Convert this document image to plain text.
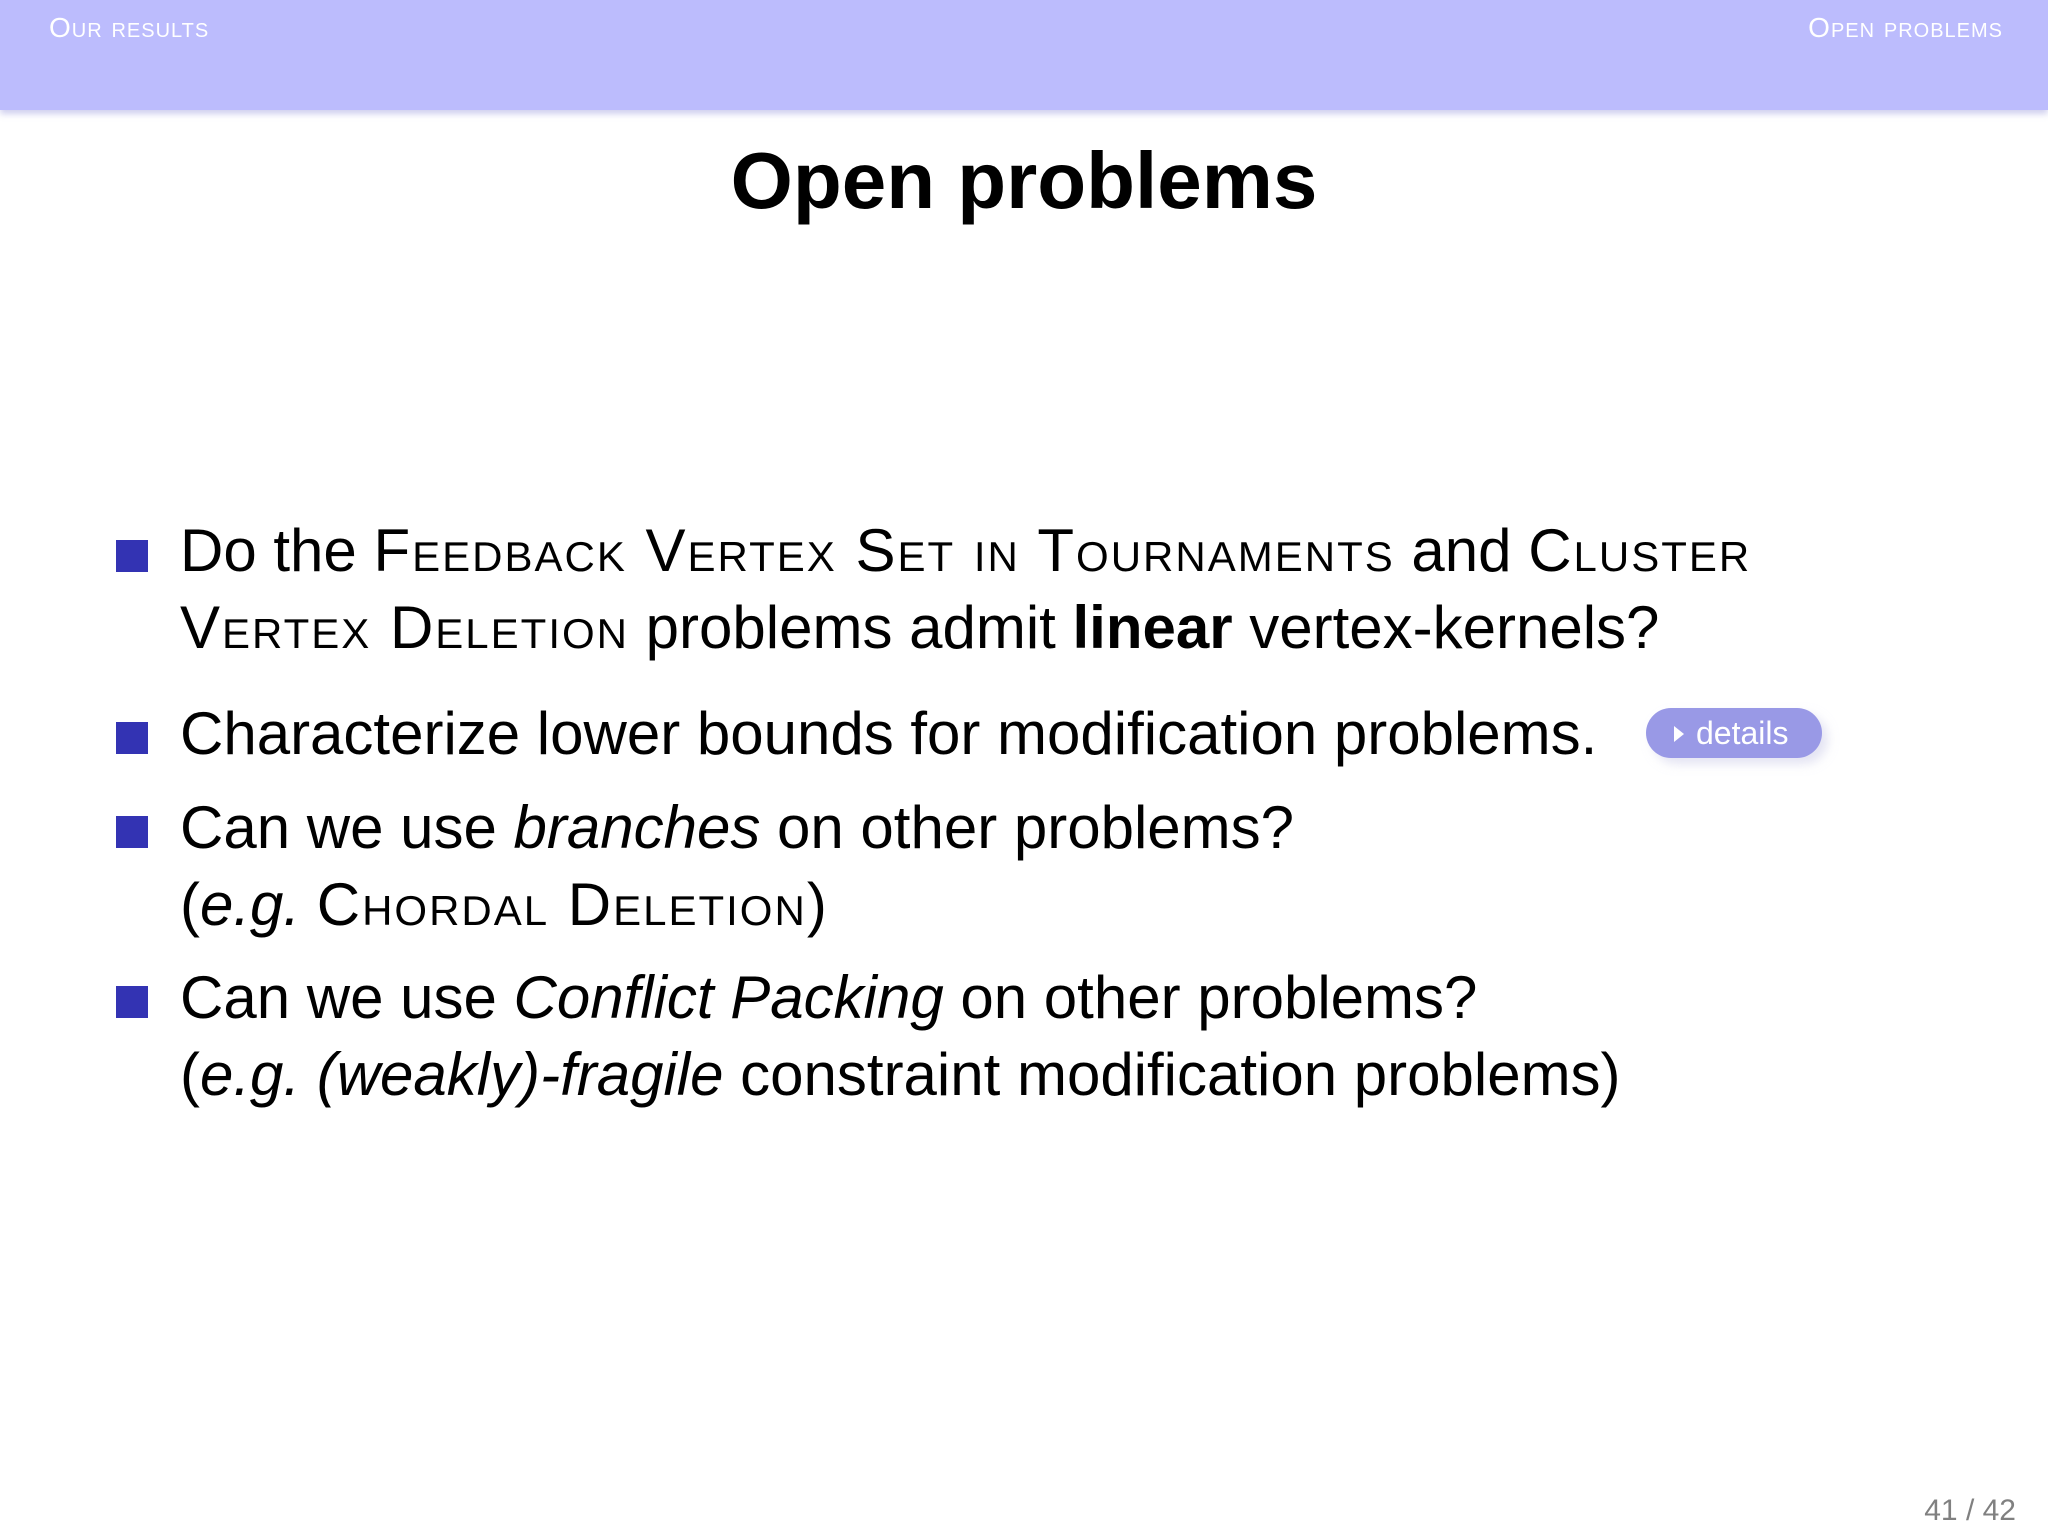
Our results	Open problems
Open problems
Do the Feedback Vertex Set in Tournaments and Cluster
Vertex Deletion problems admit linear vertex-kernels?
Characterize lower bounds for modification problems.
Can we use branches on other problems?
(e.g. Chordal Deletion)
Can we use Conflict Packing on other problems?
(e.g. (weakly)-fragile constraint modification problems)
details
41 / 42
